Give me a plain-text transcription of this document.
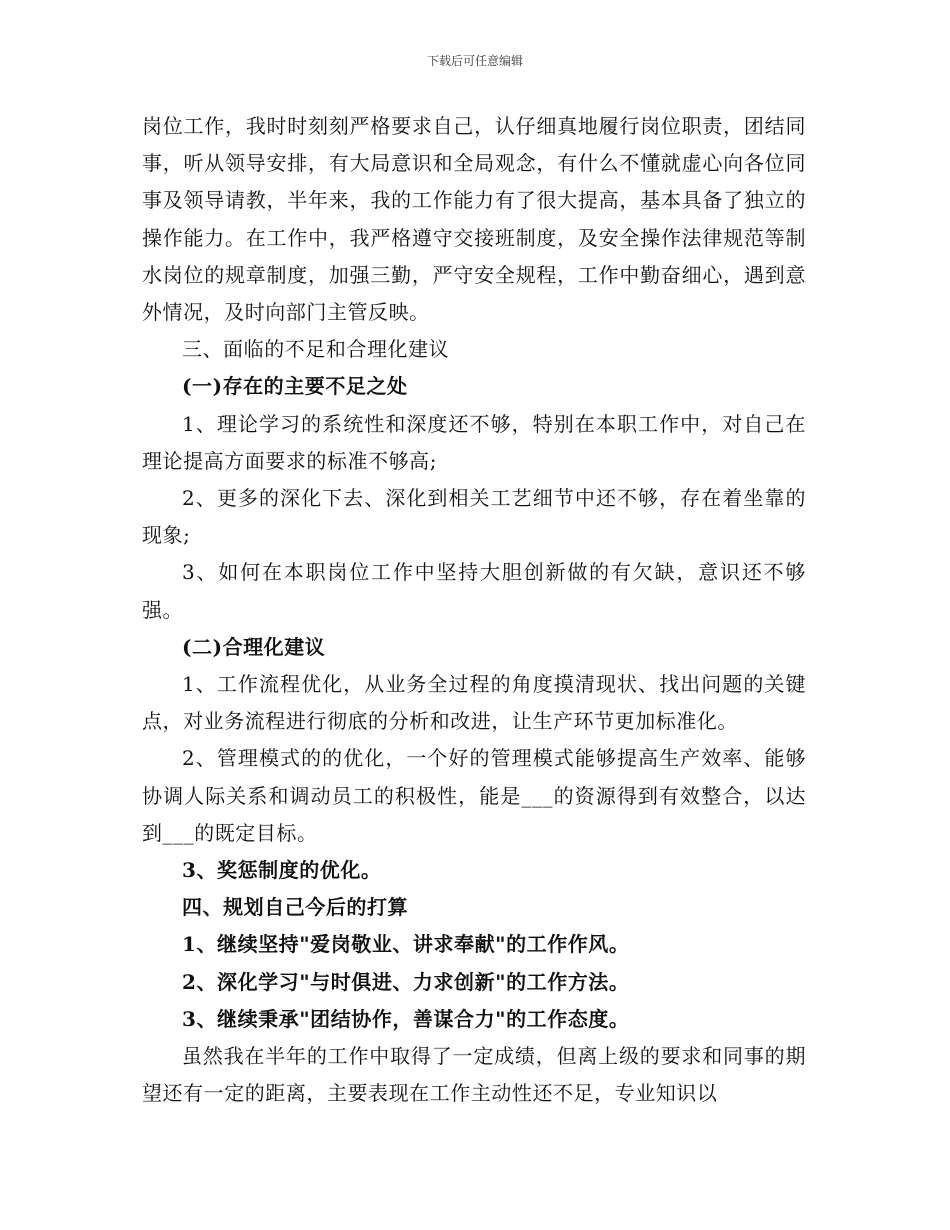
下载后可任意编辑

岗位工作，我时时刻刻严格要求自己，认仔细真地履行岗位职责，团结同事，听从领导安排，有大局意识和全局观念，有什么不懂就虚心向各位同事及领导请教，半年来，我的工作能力有了很大提高，基本具备了独立的操作能力。在工作中，我严格遵守交接班制度，及安全操作法律规范等制水岗位的规章制度，加强三勤，严守安全规程，工作中勤奋细心，遇到意外情况，及时向部门主管反映。

三、面临的不足和合理化建议

(一)存在的主要不足之处

1、理论学习的系统性和深度还不够，特别在本职工作中，对自己在理论提高方面要求的标准不够高;

2、更多的深化下去、深化到相关工艺细节中还不够，存在着坐靠的现象;

3、如何在本职岗位工作中坚持大胆创新做的有欠缺，意识还不够强。

(二)合理化建议

1、工作流程优化，从业务全过程的角度摸清现状、找出问题的关键点，对业务流程进行彻底的分析和改进，让生产环节更加标准化。

2、管理模式的的优化，一个好的管理模式能够提高生产效率、能够协调人际关系和调动员工的积极性，能是___的资源得到有效整合，以达到___的既定目标。

3、奖惩制度的优化。

四、规划自己今后的打算

1、继续坚持"爱岗敬业、讲求奉献"的工作作风。

2、深化学习"与时俱进、力求创新"的工作方法。

3、继续秉承"团结协作，善谋合力"的工作态度。

虽然我在半年的工作中取得了一定成绩，但离上级的要求和同事的期望还有一定的距离，主要表现在工作主动性还不足，专业知识以
